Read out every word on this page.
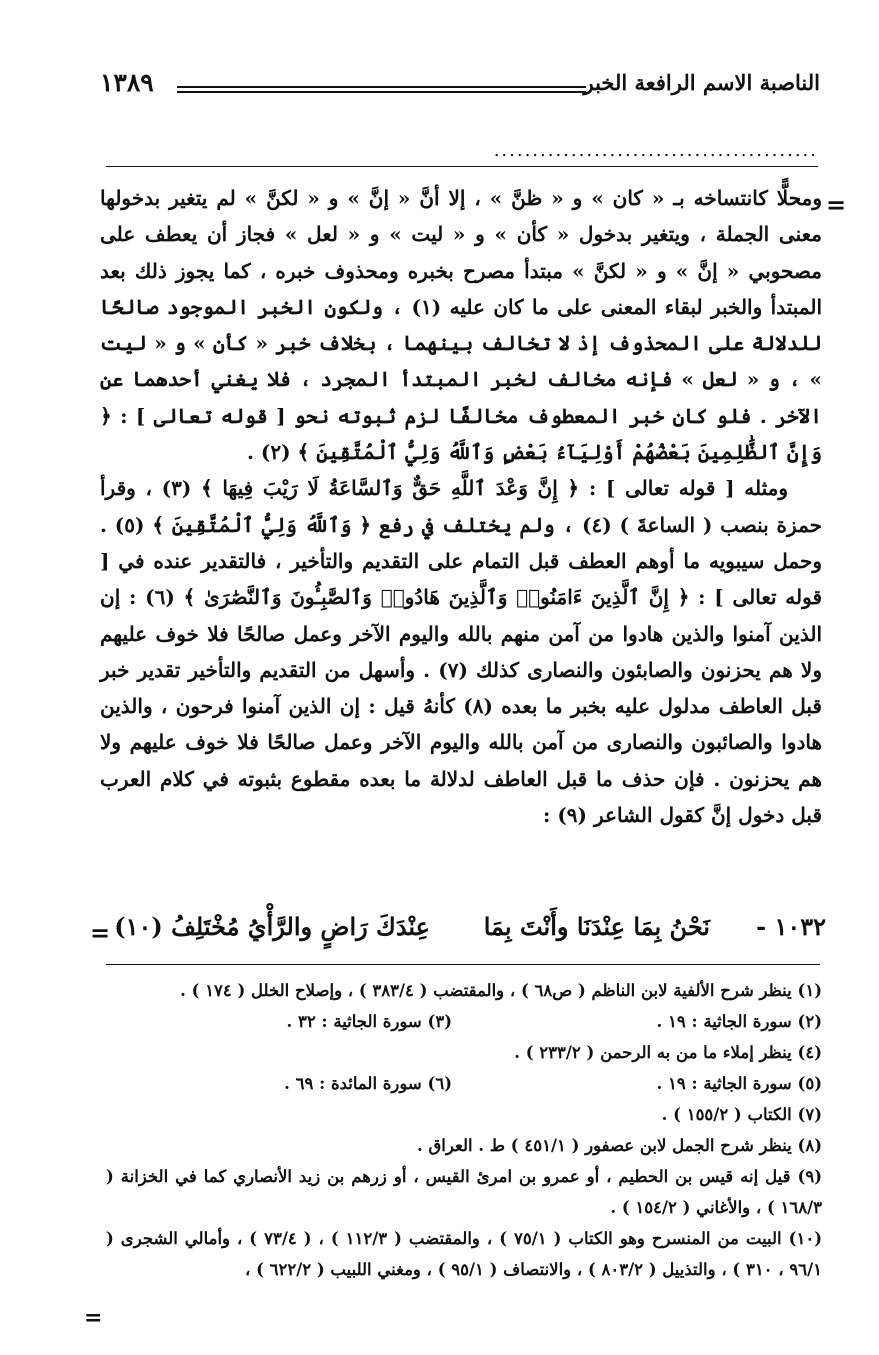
الناصبة الاسم الرافعة الخبر
١٣٨٩
..........................................
=

ومحلًّا كانتساخه بـ « كان » و « ظنَّ » ، إلا أنَّ « إنَّ » و « لكنَّ » لم يتغير بدخولها معنى الجملة ، ويتغير بدخول « كأن » و « ليت » و « لعل » فجاز أن يعطف على مصحوبي « إنَّ » و « لكنَّ » مبتدأ مصرح بخبره ومحذوف خبره ، كما يجوز ذلك بعد المبتدأ والخبر لبقاء المعنى على ما كان عليه (١) ، ولكون الخبر الموجود صالحًا للدلالة على المحذوف إذ لا تخالف بينهما ، بخلاف خبر « كأن » و « ليت » ، و « لعل » فإنه مخالف لخبر المبتدأ المجرد ، فلا يغني أحدهما عن الآخر . فلو كان خبر المعطوف مخالفًا لزم ثبوته نحو [ قوله تعالى ] : ﴿ وَإِنَّ ٱلظَّٰلِمِينَ بَعْضُهُمْ أَوْلِيَآءُ بَعْضٍ وَٱللَّهُ وَلِيُّ ٱلْمُتَّقِينَ ﴾ (٢) .

ومثله [ قوله تعالى ] : ﴿ إِنَّ وَعْدَ ٱللَّهِ حَقٌّ وَٱلسَّاعَةُ لَا رَيْبَ فِيهَا ﴾ (٣) ، وقرأ حمزة بنصب ( الساعةَ ) (٤) ، ولم يختلف في رفع ﴿ وَٱللَّهُ وَلِيُّ ٱلْمُتَّقِينَ ﴾ (٥) . وحمل سيبويه ما أوهم العطف قبل التمام على التقديم والتأخير ، فالتقدير عنده في [ قوله تعالى ] : ﴿ إِنَّ ٱلَّذِينَ ءَامَنُوا۟ وَٱلَّذِينَ هَادُوا۟ وَٱلصَّٰبِـُٔونَ وَٱلنَّصَٰرَىٰ ﴾ (٦) : إن الذين آمنوا والذين هادوا من آمن منهم بالله واليوم الآخر وعمل صالحًا فلا خوف عليهم ولا هم يحزنون والصابئون والنصارى كذلك (٧) . وأسهل من التقديم والتأخير تقدير خبر قبل العاطف مدلول عليه بخبر ما بعده (٨) كأنهُ قيل : إن الذين آمنوا فرحون ، والذين هادوا والصائبون والنصارى من آمن بالله واليوم الآخر وعمل صالحًا فلا خوف عليهم ولا هم يحزنون . فإن حذف ما قبل العاطف لدلالة ما بعده مقطوع بثبوته في كلام العرب قبل دخول إنَّ كقول الشاعر (٩) :

١٠٣٢ -
نَحْنُ بِمَا عِنْدَنَا وأَنْتَ بِمَا
عِنْدَكَ رَاضٍ والرَّأْيُ مُخْتَلِفُ (١٠)
=
(١) ينظر شرح الألفية لابن الناظم ( ص٦٨ ) ، والمقتضب ( ٣٨٣/٤ ) ، وإصلاح الخلل ( ١٧٤ ) .
(٢) سورة الجاثية : ١٩ .
(٣) سورة الجاثية : ٣٢ .
(٤) ينظر إملاء ما من به الرحمن ( ٢٣٣/٢ ) .
(٥) سورة الجاثية : ١٩ .
(٦) سورة المائدة : ٦٩ .
(٧) الكتاب ( ١٥٥/٢ ) .
(٨) ينظر شرح الجمل لابن عصفور ( ٤٥١/١ ) ط . العراق .
(٩) قيل إنه قيس بن الحطيم ، أو عمرو بن امرئ القيس ، أو زرهم بن زيد الأنصاري كما في الخزانة ( ١٦٨/٣ ) ، والأغاني ( ١٥٤/٢ ) .
(١٠) البيت من المنسرح وهو الكتاب ( ٧٥/١ ) ، والمقتضب ( ١١٢/٣ ) ، ( ٧٣/٤ ) ، وأمالي الشجرى ( ٩٦/١ ، ٣١٠ ) ، والتذييل ( ٨٠٣/٢ ) ، والانتصاف ( ٩٥/١ ) ، ومغني اللبيب ( ٦٢٢/٢ ) ،
=
